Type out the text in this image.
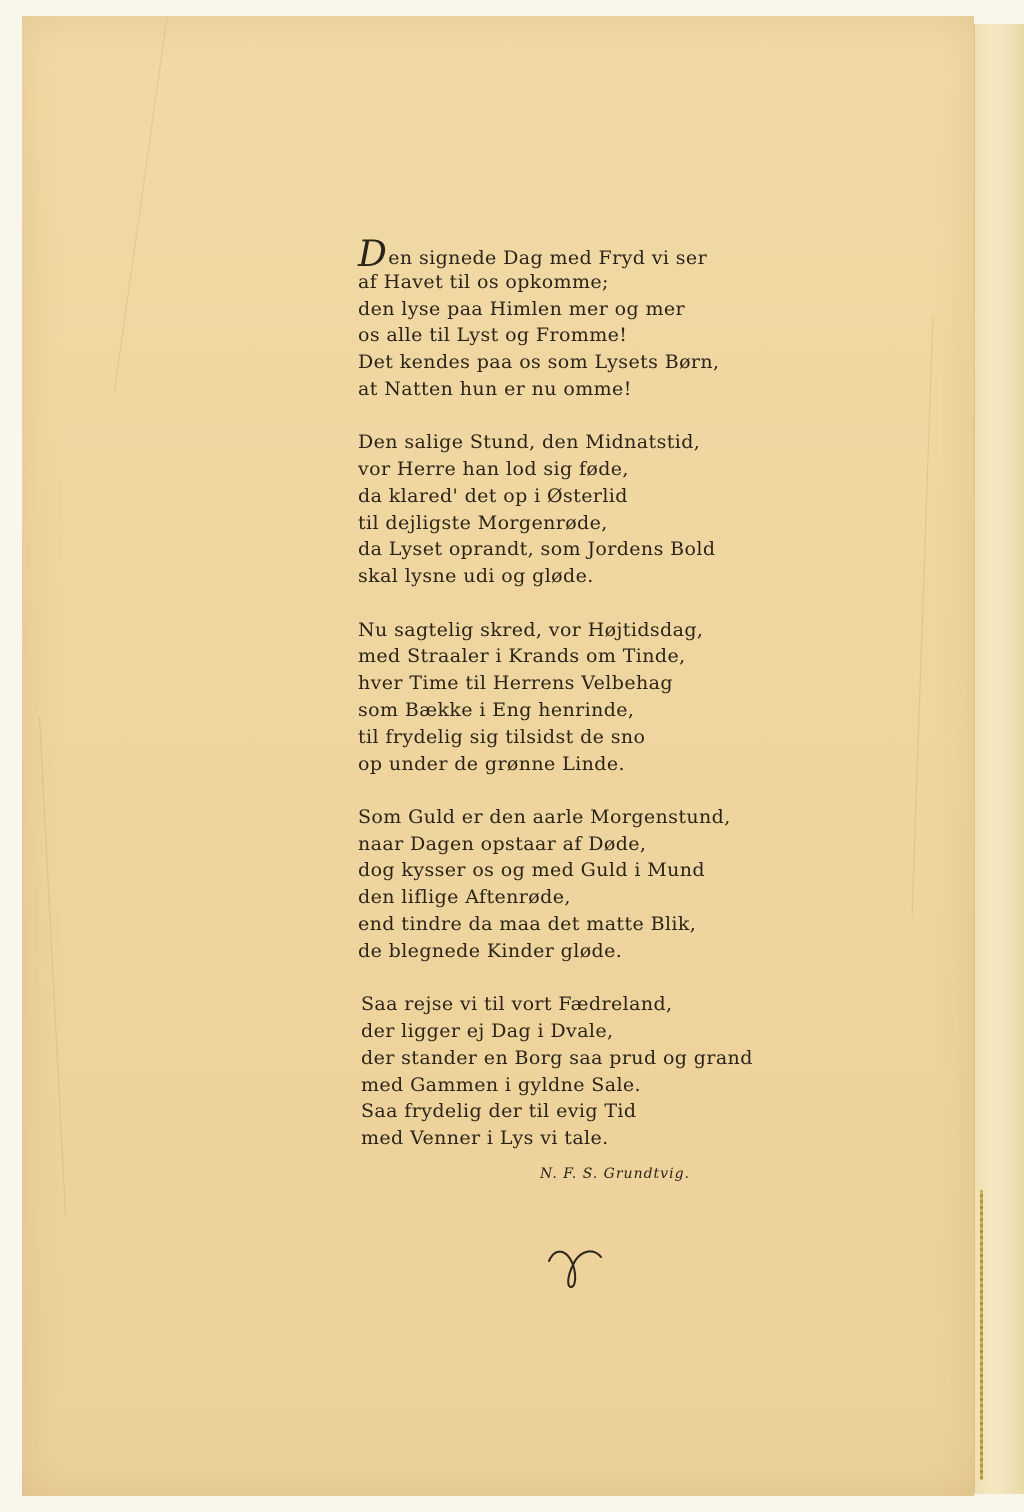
Den signede Dag med Fryd vi ser
af Havet til os opkomme;
den lyse paa Himlen mer og mer
os alle til Lyst og Fromme!
Det kendes paa os som Lysets Børn,
at Natten hun er nu omme!
Den salige Stund, den Midnatstid,
vor Herre han lod sig føde,
da klared' det op i Østerlid
til dejligste Morgenrøde,
da Lyset oprandt, som Jordens Bold
skal lysne udi og gløde.
Nu sagtelig skred, vor Højtidsdag,
med Straaler i Krands om Tinde,
hver Time til Herrens Velbehag
som Bække i Eng henrinde,
til frydelig sig tilsidst de sno
op under de grønne Linde.
Som Guld er den aarle Morgenstund,
naar Dagen opstaar af Døde,
dog kysser os og med Guld i Mund
den liflige Aftenrøde,
end tindre da maa det matte Blik,
de blegnede Kinder gløde.
Saa rejse vi til vort Fædreland,
der ligger ej Dag i Dvale,
der stander en Borg saa prud og grand
med Gammen i gyldne Sale.
Saa frydelig der til evig Tid
med Venner i Lys vi tale.
N. F. S. Grundtvig.
